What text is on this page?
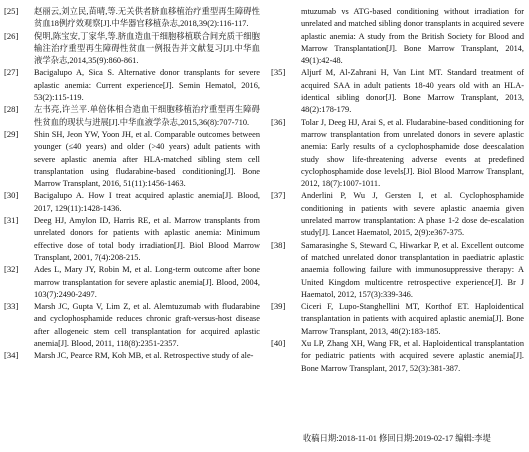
[25]	赵丽云,刘立民,苗晴,等.无关供者脐血移植治疗重型再生障碍性贫血18例疗效观察[J].中华器官移植杂志,2018,39(2):116-117.
[26]	倪明,陈宝安,丁家华,等.脐血造血干细胞移植联合间充质干细胞输注治疗重型再生障碍性贫血一例报告并文献复习[J].中华血液学杂志,2014,35(9):860-861.
[27]	Bacigalupo A, Sica S. Alternative donor transplants for severe aplastic anemia: Current experience[J]. Semin Hematol, 2016, 53(2):115-119.
[28]	左书亮,许兰平.单倍体相合造血干细胞移植治疗重型再生障碍性贫血的现状与进展[J].中华血液学杂志,2015,36(8):707-710.
[29]	Shin SH, Jeon YW, Yoon JH, et al. Comparable outcomes between younger (≤40 years) and older (>40 years) adult patients with severe aplastic anemia after HLA-matched sibling stem cell transplantation using fludarabine-based conditioning[J]. Bone Marrow Transplant, 2016, 51(11):1456-1463.
[30]	Bacigalupo A. How I treat acquired aplastic anemia[J]. Blood, 2017, 129(11):1428-1436.
[31]	Deeg HJ, Amylon ID, Harris RE, et al. Marrow transplants from unrelated donors for patients with aplastic anemia: Minimum effective dose of total body irradiation[J]. Biol Blood Marrow Transplant, 2001, 7(4):208-215.
[32]	Ades L, Mary JY, Robin M, et al. Long-term outcome after bone marrow transplantation for severe aplastic anemia[J]. Blood, 2004, 103(7):2490-2497.
[33]	Marsh JC, Gupta V, Lim Z, et al. Alemtuzumab with fludarabine and cyclophosphamide reduces chronic graft-versus-host disease after allogeneic stem cell transplantation for acquired aplastic anemia[J]. Blood, 2011, 118(8):2351-2357.
[34]	Marsh JC, Pearce RM, Koh MB, et al. Retrospective study of ale-
mtuzumab vs ATG-based conditioning without irradiation for unrelated and matched sibling donor transplants in acquired severe aplastic anemia: A study from the British Society for Blood and Marrow Transplantation[J]. Bone Marrow Transplant, 2014, 49(1):42-48.
[35]	Aljurf M, Al-Zahrani H, Van Lint MT. Standard treatment of acquired SAA in adult patients 18-40 years old with an HLA-identical sibling donor[J]. Bone Marrow Transplant, 2013, 48(2):178-179.
[36]	Tolar J, Deeg HJ, Arai S, et al. Fludarabine-based conditioning for marrow transplantation from unrelated donors in severe aplastic anemia: Early results of a cyclophosphamide dose deescalation study show life-threatening adverse events at predefined cyclophosphamide dose levels[J]. Biol Blood Marrow Transplant, 2012, 18(7):1007-1011.
[37]	Anderlini P, Wu J, Gersten I, et al. Cyclophosphamide conditioning in patients with severe aplastic anaemia given unrelated marrow transplantation: A phase 1-2 dose de-escalation study[J]. Lancet Haematol, 2015, 2(9):e367-375.
[38]	Samarasinghe S, Steward C, Hiwarkar P, et al. Excellent outcome of matched unrelated donor transplantation in paediatric aplastic anaemia following failure with immunosuppressive therapy: A United Kingdom multicentre retrospective experience[J]. Br J Haematol, 2012, 157(3):339-346.
[39]	Ciceri F, Lupo-Stanghellini MT, Korthof ET. Haploidentical transplantation in patients with acquired aplastic anemia[J]. Bone Marrow Transplant, 2013, 48(2):183-185.
[40]	Xu LP, Zhang XH, Wang FR, et al. Haploidentical transplantation for pediatric patients with acquired severe aplastic anemia[J]. Bone Marrow Transplant, 2017, 52(3):381-387.
收稿日期:2018-11-01 修回日期:2019-02-17 编辑:李堤
